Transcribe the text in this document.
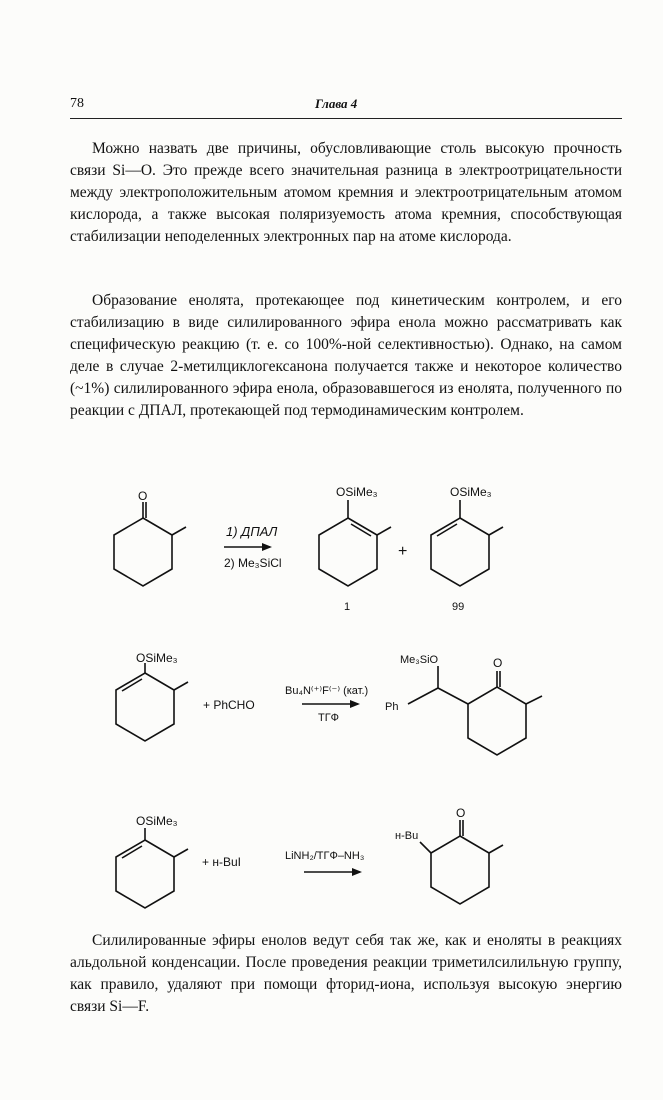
78	Глава 4

Можно назвать две причины, обусловливающие столь высокую прочность связи Si—O. Это прежде всего значительная разница в электроотрицательности между электроположительным атомом кремния и электроотрицательным атомом кислорода, а также высокая поляризуемость атома кремния, способствующая стабилизации неподеленных электронных пар на атоме кислорода.

Образование енолята, протекающее под кинетическим контролем, и его стабилизацию в виде силилированного эфира енола можно рассматривать как специфическую реакцию (т. е. со 100%-ной селективностью). Однако, на самом деле в случае 2-метилциклогексанона получается также и некоторое количество (~1%) силилированного эфира енола, образовавшегося из енолята, полученного по реакции с ДПАЛ, протекающей под термодинамическим контролем.

O
1) ДПАЛ
2) Me₃SiCl
OSiMe₃
1
+
OSiMe₃
99
OSiMe₃
+ PhCHO
Bu₄N⁽⁺⁾F⁽⁻⁾ (кат.)
ТГФ
Me₃SiO
Ph
O
OSiMe₃
+ н-BuI	LiNH₂/ТГФ–NH₃
н-Bu
O

Силилированные эфиры енолов ведут себя так же, как и еноляты в реакциях альдольной конденсации. После проведения реакции триметилсилильную группу, как правило, удаляют при помощи фторид-иона, используя высокую энергию связи Si—F.
